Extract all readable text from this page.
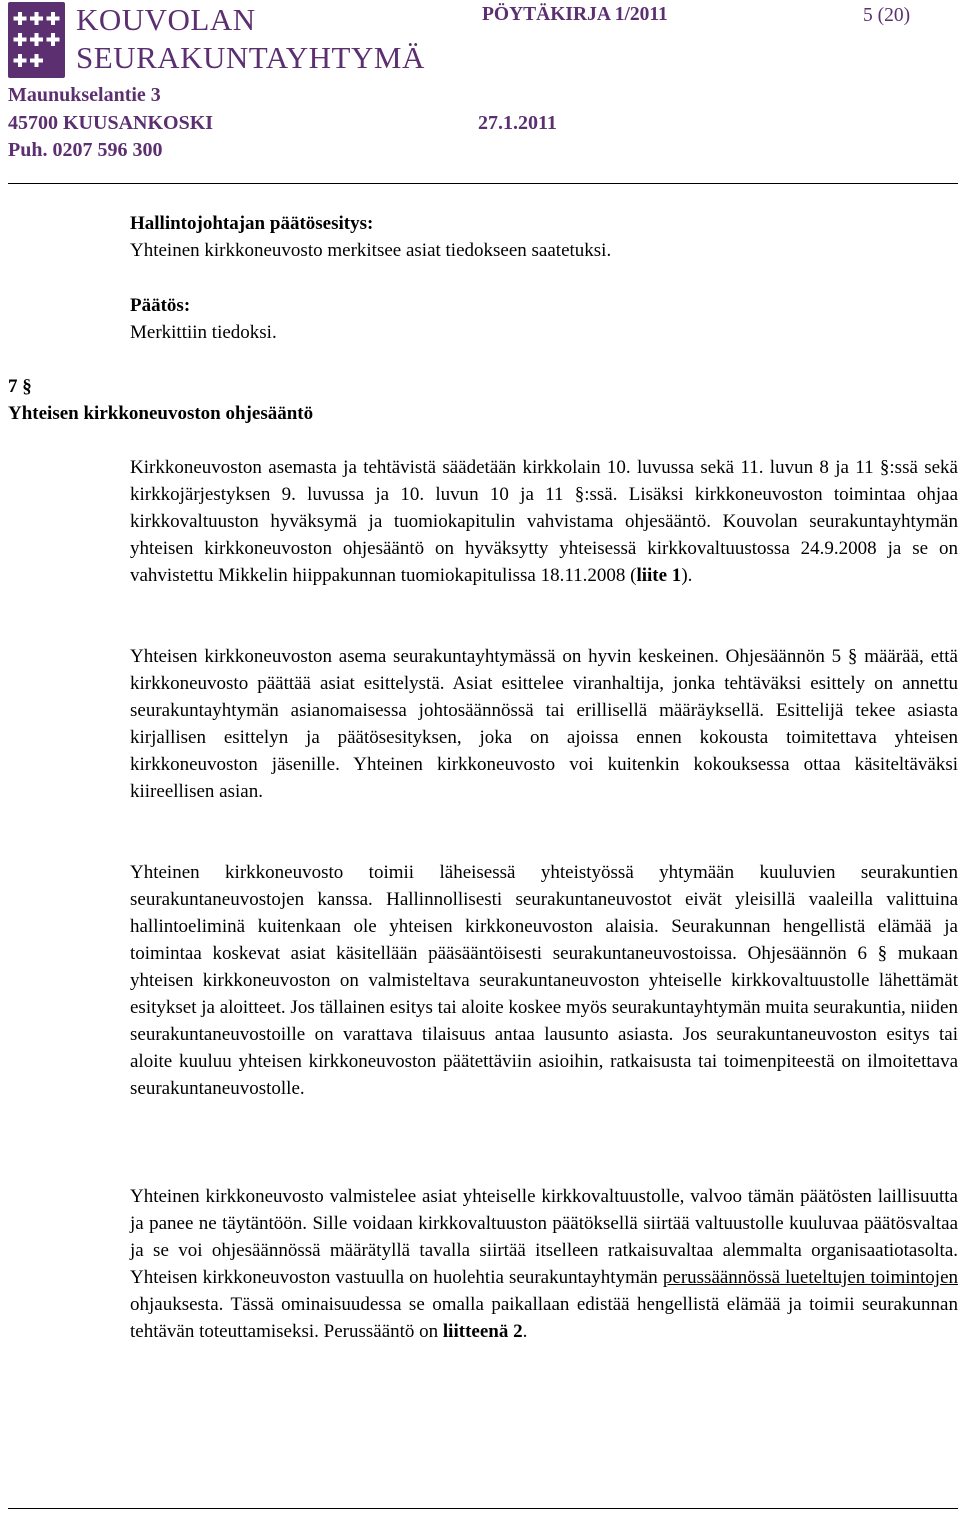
KOUVOLAN
SEURAKUNTAYHTYMÄ
PÖYTÄKIRJA 1/2011	5 (20)
Maunukselantie 3
45700 KUUSANKOSKI
Puh. 0207 596 300
27.1.2011

Hallintojohtajan päätösesitys:

Yhteinen kirkkoneuvosto merkitsee asiat tiedokseen saatetuksi.

Päätös:

Merkittiin tiedoksi.

7 §

Yhteisen kirkkoneuvoston ohjesääntö

Kirkkoneuvoston asemasta ja tehtävistä säädetään kirkkolain 10. luvussa sekä 11. luvun 8 ja 11 §:ssä sekä kirkkojärjestyksen 9. luvussa ja 10. luvun 10 ja 11 §:ssä. Lisäksi kirkkoneuvoston toimintaa ohjaa kirkkovaltuuston hyväksymä ja tuomiokapitulin vahvistama ohjesääntö. Kouvolan seurakuntayhtymän yhteisen kirkkoneuvoston ohjesääntö on hyväksytty yhteisessä kirkkovaltuustossa 24.9.2008 ja se on vahvistettu Mikkelin hiippakunnan tuomiokapitulissa 18.11.2008 (liite 1).

Yhteisen kirkkoneuvoston asema seurakuntayhtymässä on hyvin keskeinen. Ohjesäännön 5 § määrää, että kirkkoneuvosto päättää asiat esittelystä. Asiat esittelee viranhaltija, jonka tehtäväksi esittely on annettu seurakuntayhtymän asianomaisessa johtosäännössä tai erillisellä määräyksellä. Esittelijä tekee asiasta kirjallisen esittelyn ja päätösesityksen, joka on ajoissa ennen kokousta toimitettava yhteisen kirkkoneuvoston jäsenille. Yhteinen kirkkoneuvosto voi kuitenkin kokouksessa ottaa käsiteltäväksi kiireellisen asian.

Yhteinen kirkkoneuvosto toimii läheisessä yhteistyössä yhtymään kuuluvien seurakuntien seurakuntaneuvostojen kanssa. Hallinnollisesti seurakuntaneuvostot eivät yleisillä vaaleilla valittuina hallintoeliminä kuitenkaan ole yhteisen kirkkoneuvoston alaisia. Seurakunnan hengellistä elämää ja toimintaa koskevat asiat käsitellään pääsääntöisesti seurakuntaneuvostoissa. Ohjesäännön 6 § mukaan yhteisen kirkkoneuvoston on valmisteltava seurakuntaneuvoston yhteiselle kirkkovaltuustolle lähettämät esitykset ja aloitteet. Jos tällainen esitys tai aloite koskee myös seurakuntayhtymän muita seurakuntia, niiden seurakuntaneuvostoille on varattava tilaisuus antaa lausunto asiasta. Jos seurakuntaneuvoston esitys tai aloite kuuluu yhteisen kirkkoneuvoston päätettäviin asioihin, ratkaisusta tai toimenpiteestä on ilmoitettava seurakuntaneuvostolle.

Yhteinen kirkkoneuvosto valmistelee asiat yhteiselle kirkkovaltuustolle, valvoo tämän päätösten laillisuutta ja panee ne täytäntöön. Sille voidaan kirkkovaltuuston päätöksellä siirtää valtuustolle kuuluvaa päätösvaltaa ja se voi ohjesäännössä määrätyllä tavalla siirtää itselleen ratkaisuvaltaa alemmalta organisaatiotasolta. Yhteisen kirkkoneuvoston vastuulla on huolehtia seurakuntayhtymän perussäännössä lueteltujen toimintojen ohjauksesta. Tässä ominaisuudessa se omalla paikallaan edistää hengellistä elämää ja toimii seurakunnan tehtävän toteuttamiseksi. Perussääntö on liitteenä 2.
